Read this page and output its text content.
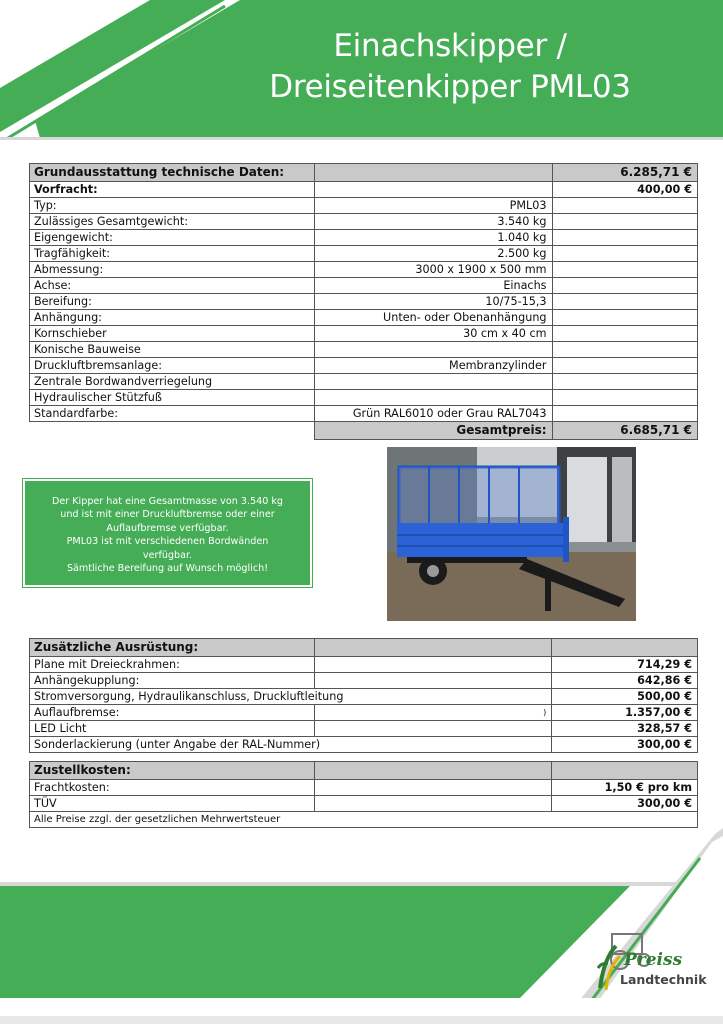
Einachskipper /
Dreiseitenkipper PML03
Grundausstattung technische Daten:		6.285,71 €
Vorfracht:		400,00 €
Typ:	PML03	
Zulässiges Gesamtgewicht:	3.540 kg	
Eigengewicht:	1.040 kg	
Tragfähigkeit:	2.500 kg	
Abmessung:	3000 x 1900 x 500 mm	
Achse:	Einachs	
Bereifung:	10/75-15,3	
Anhängung:	Unten- oder Obenanhängung	
Kornschieber	30 cm x 40 cm	
Konische Bauweise		
Druckluftbremsanlage:	Membranzylinder	
Zentrale Bordwandverriegelung		
Hydraulischer Stützfuß		
Standardfarbe:	Grün RAL6010 oder Grau RAL7043	
	Gesamtpreis:	6.685,71 €
Der Kipper hat eine Gesamtmasse von 3.540 kg
und ist mit einer Druckluftbremse oder einer
Auflaufbremse verfügbar.
PML03 ist mit verschiedenen Bordwänden
verfügbar.
Sämtliche Bereifung auf Wunsch möglich!
Zusätzliche Ausrüstung:		
Plane mit Dreieckrahmen:		714,29 €
Anhängekupplung:		642,86 €
Stromversorgung, Hydraulikanschluss, Druckluftleitung		500,00 €
Auflaufbremse:	)	1.357,00 €
LED Licht		328,57 €
Sonderlackierung (unter Angabe der RAL-Nummer)		300,00 €
Zustellkosten:		
Frachtkosten:		1,50 € pro km
TÜV		300,00 €
Alle Preise zzgl. der gesetzlichen Mehrwertsteuer		
Preiss
Landtechnik
